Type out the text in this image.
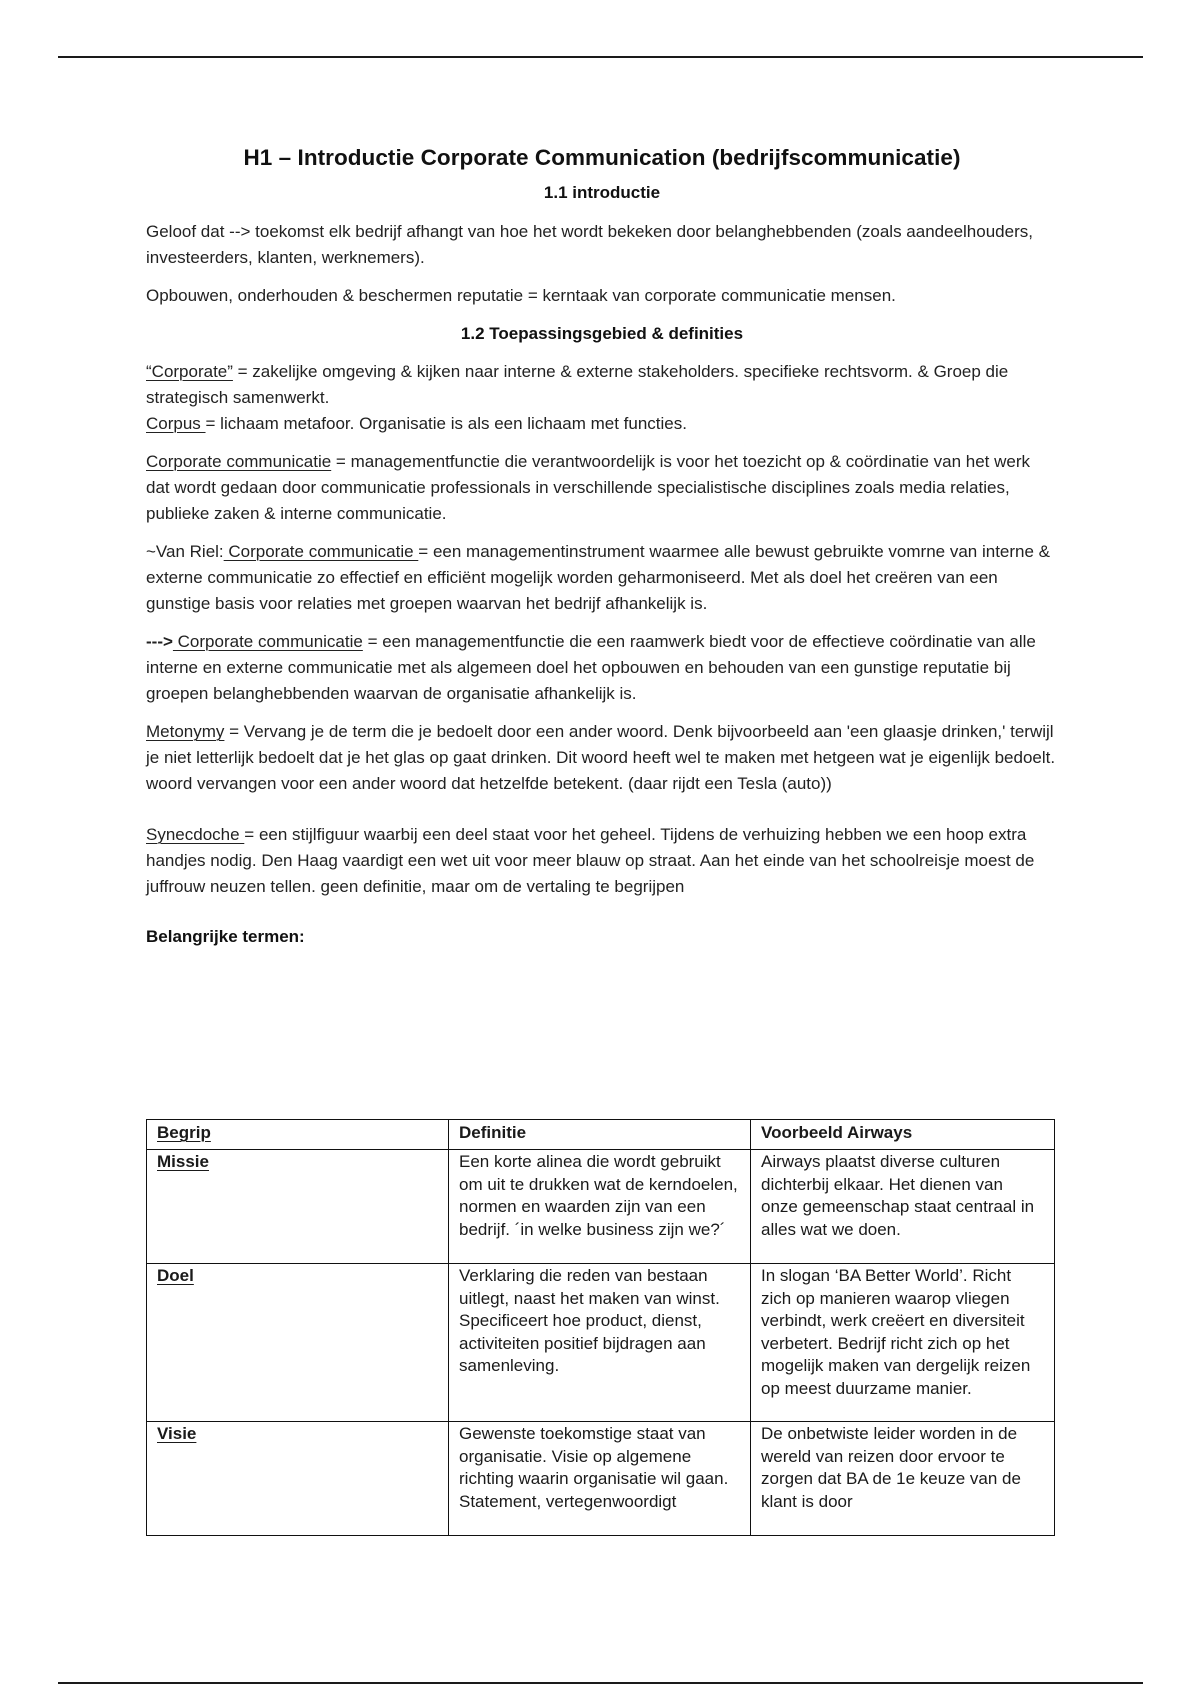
H1 – Introductie Corporate Communication (bedrijfscommunicatie)
1.1 introductie

Geloof dat --> toekomst elk bedrijf afhangt van hoe het wordt bekeken door belanghebbenden (zoals aandeelhouders, investeerders, klanten, werknemers).

Opbouwen, onderhouden & beschermen reputatie = kerntaak van corporate communicatie mensen.

1.2 Toepassingsgebied & definities

“Corporate” = zakelijke omgeving & kijken naar interne & externe stakeholders. specifieke rechtsvorm. & Groep die strategisch samenwerkt.
Corpus = lichaam metafoor. Organisatie is als een lichaam met functies.

Corporate communicatie = managementfunctie die verantwoordelijk is voor het toezicht op & coördinatie van het werk dat wordt gedaan door communicatie professionals in verschillende specialistische disciplines zoals media relaties, publieke zaken & interne communicatie.

~Van Riel: Corporate communicatie = een managementinstrument waarmee alle bewust gebruikte vomrne van interne & externe communicatie zo effectief en efficiënt mogelijk worden geharmoniseerd. Met als doel het creëren van een gunstige basis voor relaties met groepen waarvan het bedrijf afhankelijk is.

---> Corporate communicatie = een managementfunctie die een raamwerk biedt voor de effectieve coördinatie van alle interne en externe communicatie met als algemeen doel het opbouwen en behouden van een gunstige reputatie bij groepen belanghebbenden waarvan de organisatie afhankelijk is.

Metonymy = Vervang je de term die je bedoelt door een ander woord. Denk bijvoorbeeld aan 'een glaasje drinken,' terwijl je niet letterlijk bedoelt dat je het glas op gaat drinken. Dit woord heeft wel te maken met hetgeen wat je eigenlijk bedoelt. woord vervangen voor een ander woord dat hetzelfde betekent. (daar rijdt een Tesla (auto))

Synecdoche = een stijlfiguur waarbij een deel staat voor het geheel. Tijdens de verhuizing hebben we een hoop extra handjes nodig. Den Haag vaardigt een wet uit voor meer blauw op straat. Aan het einde van het schoolreisje moest de juffrouw neuzen tellen. geen definitie, maar om de vertaling te begrijpen

Belangrijke termen:

Begrip	Definitie	Voorbeeld Airways
Missie	Een korte alinea die wordt gebruikt om uit te drukken wat de kerndoelen, normen en waarden zijn van een bedrijf. ´in welke business zijn we?´	Airways plaatst diverse culturen dichterbij elkaar. Het dienen van onze gemeenschap staat centraal in alles wat we doen.
Doel	Verklaring die reden van bestaan uitlegt, naast het maken van winst. Specificeert hoe product, dienst, activiteiten positief bijdragen aan samenleving.	In slogan ‘BA Better World’. Richt zich op manieren waarop vliegen verbindt, werk creëert en diversiteit verbetert. Bedrijf richt zich op het mogelijk maken van dergelijk reizen op meest duurzame manier.
Visie	Gewenste toekomstige staat van organisatie. Visie op algemene richting waarin organisatie wil gaan. Statement, vertegenwoordigt	De onbetwiste leider worden in de wereld van reizen door ervoor te zorgen dat BA de 1e keuze van de klant is door
